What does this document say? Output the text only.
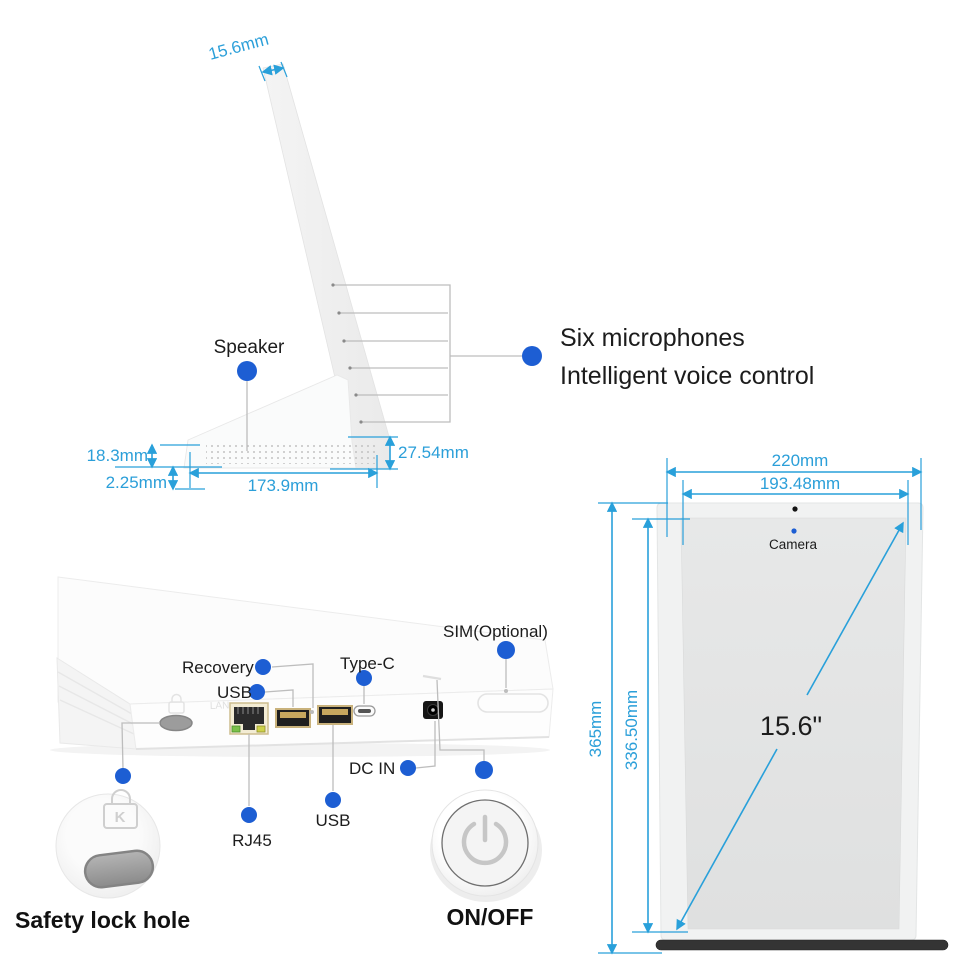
15.6mm
Speaker	Six microphones
Intelligent voice control
18.3mm
2.25mm
27.54mm
173.9mm
LAN
SIM(Optional)
Recovery
USB
Type-C
DC IN
USB
RJ45
K
Safety lock hole	ON/OFF
Camera
220mm
193.48mm
365mm 336.50mm	15.6"
